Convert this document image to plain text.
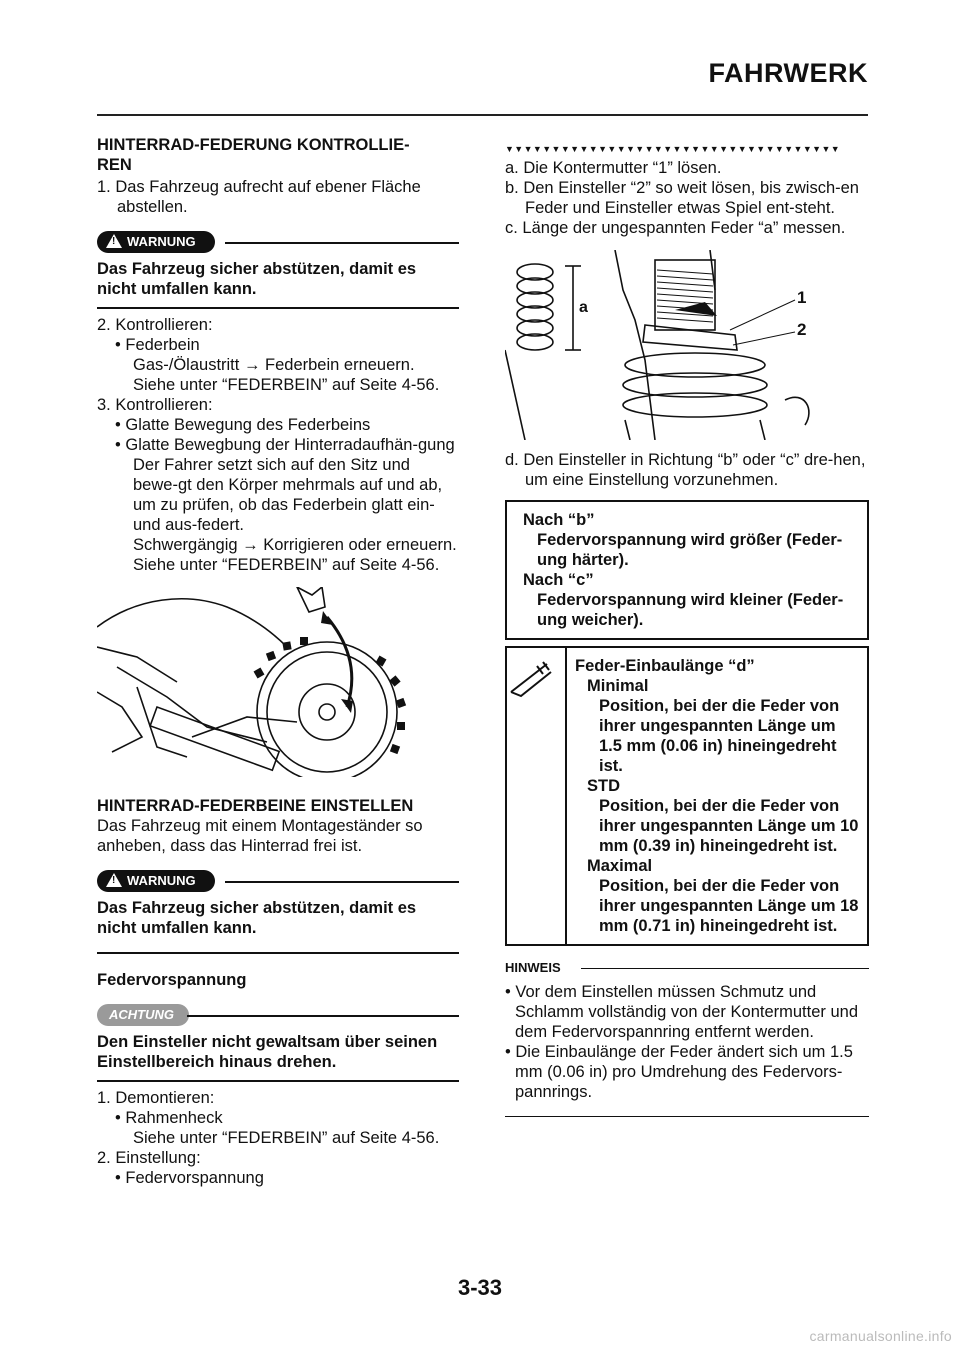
FAHRWERK
HINTERRAD-FEDERUNG KONTROLLIE-REN
1. Das Fahrzeug aufrecht auf ebener Fläche abstellen.
!
WARNUNG
Das Fahrzeug sicher abstützen, damit es nicht umfallen kann.
2. Kontrollieren:
• Federbein
Gas-/Ölaustritt → Federbein erneuern.
Siehe unter “FEDERBEIN” auf Seite 4-56.
3. Kontrollieren:
• Glatte Bewegung des Federbeins
• Glatte Bewegbung der Hinterradaufhän-gung
Der Fahrer setzt sich auf den Sitz und bewe-gt den Körper mehrmals auf und ab, um zu prüfen, ob das Federbein glatt ein- und aus-federt.
Schwergängig → Korrigieren oder erneuern.
Siehe unter “FEDERBEIN” auf Seite 4-56.
HINTERRAD-FEDERBEINE EINSTELLEN
Das Fahrzeug mit einem Montageständer so anheben, dass das Hinterrad frei ist.
!
WARNUNG
Das Fahrzeug sicher abstützen, damit es nicht umfallen kann.
Federvorspannung
ACHTUNG
Den Einsteller nicht gewaltsam über seinen Einstellbereich hinaus drehen.
1. Demontieren:
• Rahmenheck
Siehe unter “FEDERBEIN” auf Seite 4-56.
2. Einstellung:
• Federvorspannung
▼▼▼▼▼▼▼▼▼▼▼▼▼▼▼▼▼▼▼▼▼▼▼▼▼▼▼▼▼▼▼▼▼▼▼▼
a. Die Kontermutter “1” lösen.
b. Den Einsteller “2” so weit lösen, bis zwisch-en Feder und Einsteller etwas Spiel ent-steht.
c. Länge der ungespannten Feder “a” messen.
a
1
2
d. Den Einsteller in Richtung “b” oder “c” dre-hen, um eine Einstellung vorzunehmen.
Nach “b”
Federvorspannung wird größer (Feder-ung härter).
Nach “c”
Federvorspannung wird kleiner (Feder-ung weicher).
Feder-Einbaulänge “d”
Minimal
Position, bei der die Feder von ihrer ungespannten Länge um 1.5 mm (0.06 in) hineingedreht ist.
STD
Position, bei der die Feder von ihrer ungespannten Länge um 10 mm (0.39 in) hineingedreht ist.
Maximal
Position, bei der die Feder von ihrer ungespannten Länge um 18 mm (0.71 in) hineingedreht ist.
HINWEIS
• Vor dem Einstellen müssen Schmutz und Schlamm vollständig von der Kontermutter und dem Federvorspannring entfernt werden.
• Die Einbaulänge der Feder ändert sich um 1.5 mm (0.06 in) pro Umdrehung des Federvors-pannrings.
3-33
carmanualsonline.info
